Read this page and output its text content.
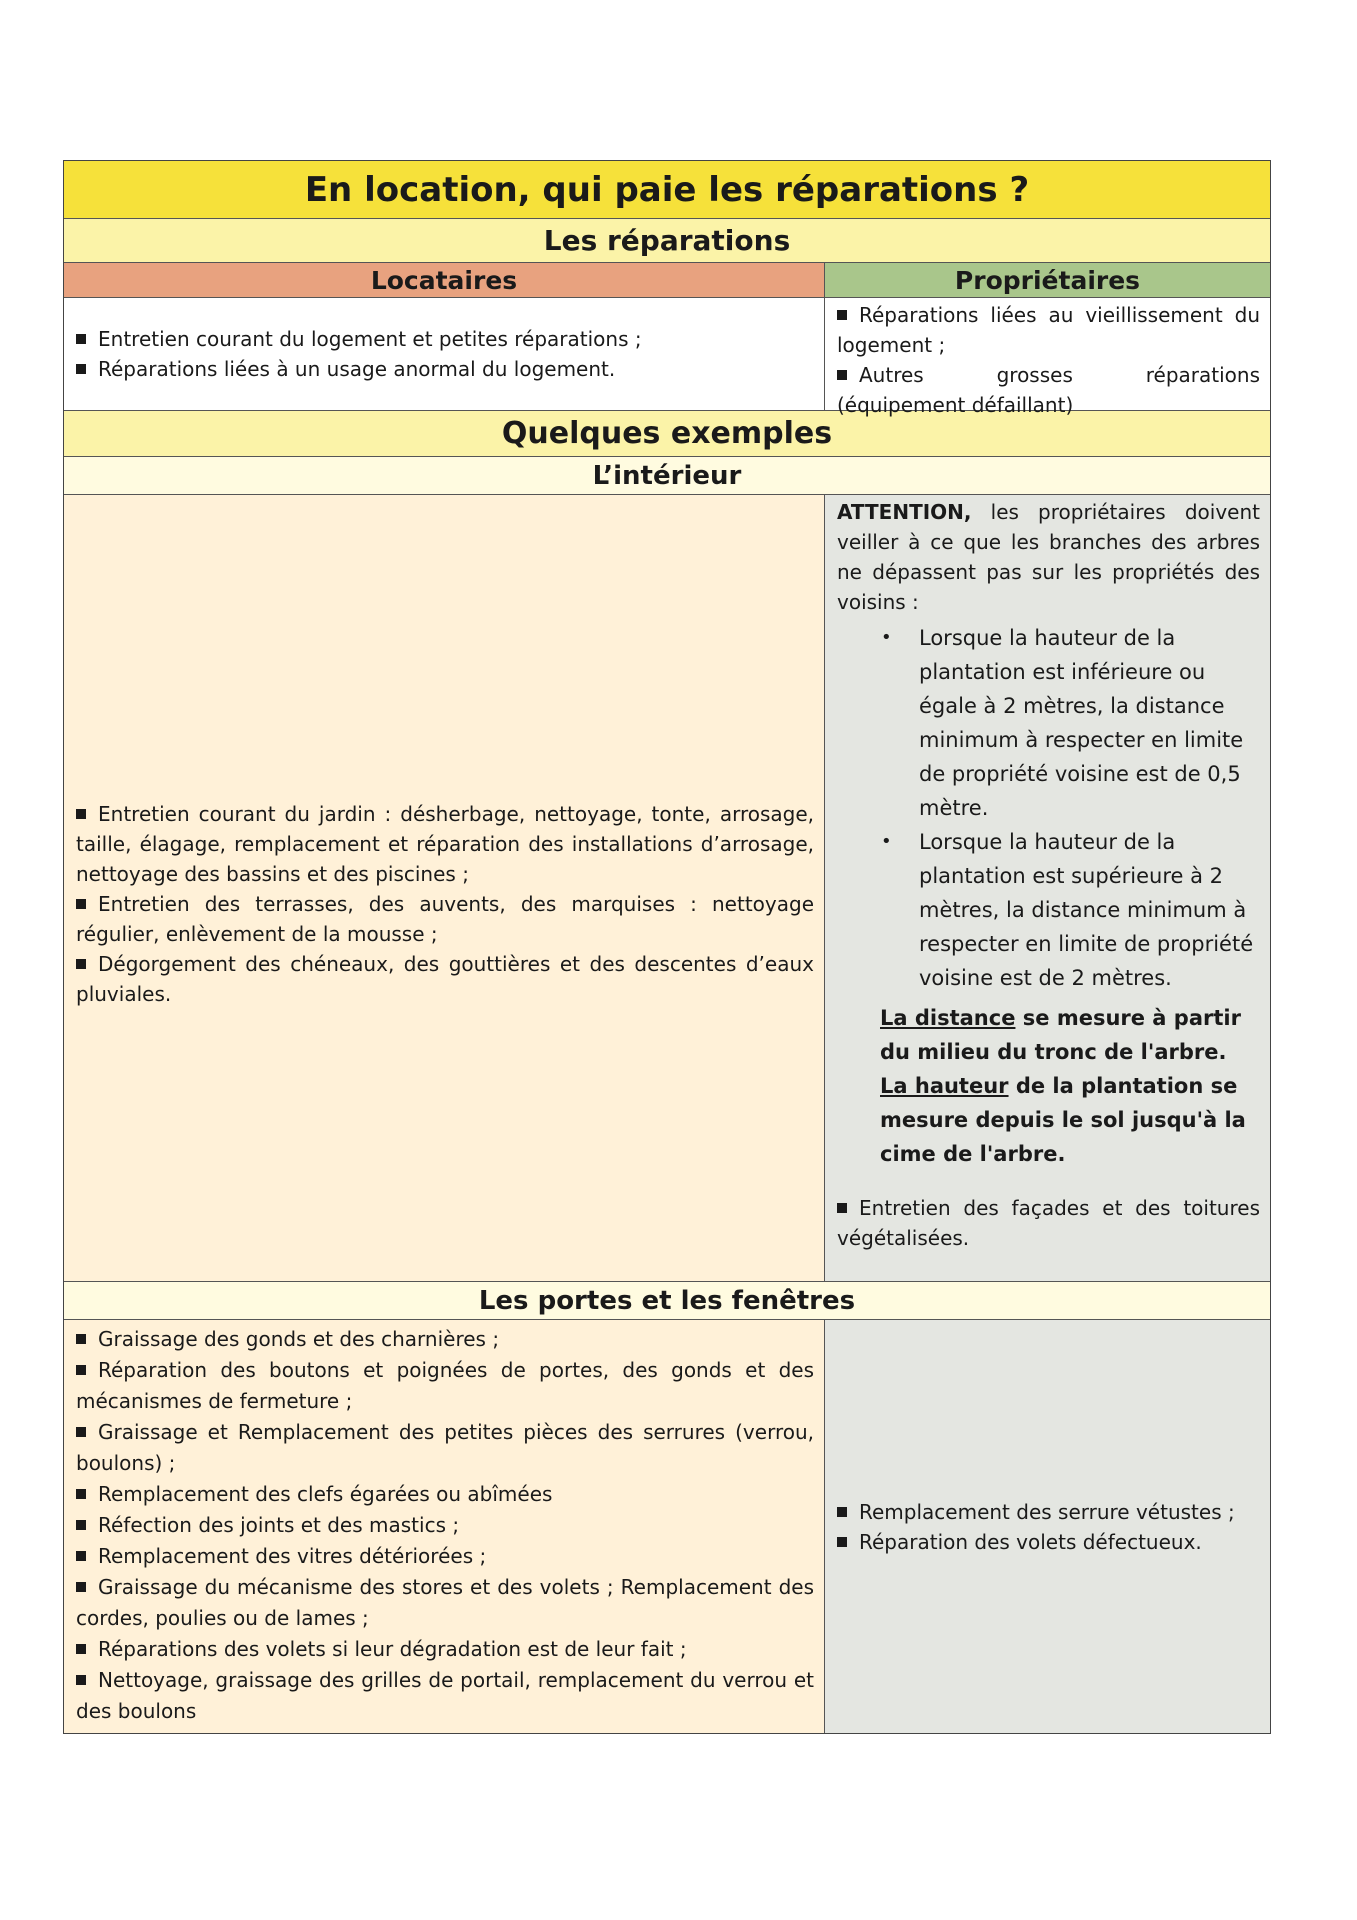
En location, qui paie les réparations ?
Les réparations
Locataires	Propriétaires

Entretien courant du logement et petites réparations ;

Réparations liées à un usage anormal du logement.

Réparations liées au vieillissement du logement ;

Autres grosses réparations (équipement défaillant)

Quelques exemples
L’intérieur

Entretien courant du jardin : désherbage, nettoyage, tonte, arrosage, taille, élagage, remplacement et réparation des installations d’arrosage, nettoyage des bassins et des piscines ;

Entretien des terrasses, des auvents, des marquises : nettoyage régulier, enlèvement de la mousse ;

Dégorgement des chéneaux, des gouttières et des descentes d’eaux pluviales.

ATTENTION, les propriétaires doivent veiller à ce que les branches des arbres ne dépassent pas sur les propriétés des voisins :

• Lorsque la hauteur de la plantation est inférieure ou égale à 2 mètres, la distance minimum à respecter en limite de propriété voisine est de 0,5 mètre.
• Lorsque la hauteur de la plantation est supérieure à 2 mètres, la distance minimum à respecter en limite de propriété voisine est de 2 mètres.

La distance se mesure à partir du milieu du tronc de l'arbre.

La hauteur de la plantation se mesure depuis le sol jusqu'à la cime de l'arbre.

Entretien des façades et des toitures végétalisées.

Les portes et les fenêtres

Graissage des gonds et des charnières ;

Réparation des boutons et poignées de portes, des gonds et des mécanismes de fermeture ;

Graissage et Remplacement des petites pièces des serrures (verrou, boulons) ;

Remplacement des clefs égarées ou abîmées

Réfection des joints et des mastics ;

Remplacement des vitres détériorées ;

Graissage du mécanisme des stores et des volets ; Remplacement des cordes, poulies ou de lames ;

Réparations des volets si leur dégradation est de leur fait ;

Nettoyage, graissage des grilles de portail, remplacement du verrou et des boulons

Remplacement des serrure vétustes ;

Réparation des volets défectueux.
